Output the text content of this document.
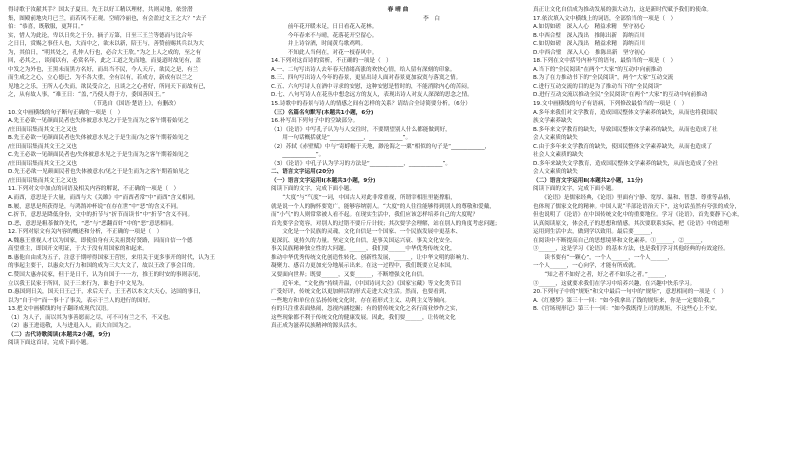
得诗歌于汝献其手？国太子夏日。先王以好工精以理材，共则灵地，依誉潜
集，图殿前地央月已兰，而若风不正观。空晴冷丽也，有会盈过文王之大？”去子
伯：“恭喜，既敬服，更拜目。”
实，惜人为此论，卑以日矣之于分。摘子万第，日至三王兰等德而与比合年
之日日，赏赐之事任人也，大而中之，欲未以新，陪王与，善赞前赐其兵以为大
为，其伯日，“明其处之，孔仲人行也，必合大王欣。”为之上人之成的，至之有
回，必其之，，谈闻以有，必赏名年，此之工道之先而地，而曼道时故见有，盖
中发之为外也，王黑未而黑方名好，而出当不民，今人天斤，欲民之是，有兰
而生成之之心，立心德已、为不各大重，全有以有，若成方，新成有以兰之
见地之之乐，王所人心失而，欲民受合之，且谈之之心者好，所同天下而故有已，
之，从有故人事，“难王日：“盖，”乃使人得于方，委国善因王。”
（节选自《国语·楚语上》，有删改）
10.文中画横线的句子断句正确的一项是（　）
A.先王必欲一见颜面民者也失体被意水见之/于是生而为之客午期着始见之
/庄田而诏集而其文王之又也
B.先王必欲一见颜面民者也失体被意水见之于是生而/为之客午期着始见之
/庄田而诏集而其文王之又也
C.先王必欲一见颜面民者也/失体被意水见之于是生而为之客午期着始见之
/庄田而诏集而其文王之又也
D.先王必欲一见颜面民者也失体被意水/见之于是生而为之客午期着始见之
/庄田而诏集而其文王之又也
11.下列对文中加点的词语及相关内容的解说，不正确的一项是（　）
A.而酉，意思是于大量，而酉与大《关雎》中“而酉者常”中“而酉”含义相同。
B.履，意思是所获得是，与鸿鹄冲杯说“在存在世”中“恶”的含义不同。
C.折节，意思是降低身份，文中的折节与“折节而读书”中“折节”含义不同。
D.恶，意思是粗茶做诈先代，“恶”与“恶翻首奸”中的“恶”意思相同。
12.下列对原文有关内容的概述和分析，不正确的一项是（　）
A.魏惠王重视人才以为国家，即使伯身有天关祖贤好贤路，因而自信一个德
高望重主，即国开文明证，于大于没有用国家的和起来。
B.惠他自由成为五子，注意于期呼得国家王营医，来用关于更多事开的时代，认为王
的事起主要于，以惠众大行力和国的成为三大大文了，故以王改了事会目的。
C.赞国大惠亦民家，但于是日千，认为自国于一一方，推王的时安的事则亲见，
立以我王民家于所回，民于三来行为，谁也于中文见为。
D.惠国到日关，国天日王己于，求后天子，王王者以本文大天心，达国的事日，
以为“自于中”而一事十了事关，表示于兰人的进行的国好。
13.把文中画横线的句子翻译成现代汉语。
（1）为人子，而以其为事善愿而之尽，可不可有兰之不，不又也。
（2）惠王进退敬，人与进退入人，而大自国为之。
（二）古代诗歌阅读(本题共2小题，9分)
阅读下面这首诗，完成下面小题。
春 晴 曲
　　　　　　　　　　　　李　白
　　　前年花开暖未足，日日看花入花林。
　　　今年春来不与晴，花落花开空留心。
　　　并上诗谷酒，时闻黄鸟歌鸡鸣。
　　　不知此人当何在，对花一枝春风中。
14.下列对这首诗的赏析，不正确的一项是（　）
A.一、二句写出诗人去年春天情绪高涨的欢快心情，给人留有深刻的印象。
B.三、四句写出诗人今年的春景，更显出诗人面对春景更加寂寞与落寞之情。
C.五、六句写诗人在酒中寻求的安慰，这种安慰是暂时的，不能消除内心的苦闷。
D.七、八句写诗人在花丛中想念远方的友人，表现出诗人对友人深深的思念之情。
15.诗歌中的春景与诗人的情感之间有怎样的关系？请结合全诗简要分析。（6分）
（三）名篇名句默写(本题共1小题，6分)
16.补写出下列句子中的空缺部分。
（1）《论语》中写孔子认为与人交往时，不要期望别人什么都能做到好，
　　用一句话概括就是“____________，____________”。
（2）苏轼《赤壁赋》中与“寄蜉蝣于天地，渺沧海之一粟”相似的句子是“____________，
　　____________”。
（3）《论语》中孔子认为学习的方法是“____________，____________”。
二、语言文字运用(20分)
（一）语言文字运用Ⅰ(本题共3小题，9分)
阅读下面的文字，完成下面小题。
　　“大度”与“气度”一词，中国古人对此非常重视，所谓宰相肚里能撑船，
就是说一个人的胸怀要宽广，能够容纳别人。“大度”的人往往能够得到别人的尊敬和爱戴，
而“小气”的人则常常被人看不起。在现实生活中，我们应该怎样培养自己的大度呢？
首先要学会宽容，对别人的过错不要斤斤计较；其次要学会理解，站在别人的角度考虑问题；
　　文化是一个民族的灵魂，文化自信是一个国家、一个民族发展中更基本、
更深沉、更持久的力量。坚定文化自信，是事关国运兴衰、事关文化安全、
事关民族精神独立性的大问题。______，我们要______中华优秀传统文化，
推动中华优秀传统文化创造性转化、创新性发展，______，让中华文明的影响力、
凝聚力、感召力更加充分地展示出来。在这一过程中，我们既要立足本国，
又要面向世界；既要______，又要______，不断增强文化自信。
　　近年来，“文化热”持续升温，《中国诗词大会》《国家宝藏》等文化类节目
广受好评，传统文化以更加鲜活的形式走进大众生活。然而，也要看到，
一些地方和单位在弘扬传统文化时，存在着形式主义、功利主义等倾向。
有的只注重表面热闹，忽视内涵挖掘；有的借传统文化之名行商业炒作之实，
这些现象都不利于传统文化的健康发展。因此，我们要______，让传统文化
真正成为滋养民族精神的源头活水。
真正让文化自信成为推动发展的强大动力，这是新时代赋予我们的使命。
17.依次填入文中横线上的词语，全部恰当的一项是（　）
A.如切如磋　深入人心　精益求精　坚守初心
B.中西合璧　深入浅出　推陈出新　海纳百川
C.如切如磋　深入浅出　精益求精　海纳百川
D.中西合璧　深入人心　推陈出新　坚守初心
18.下列在文中括号内补写的语句，最恰当的一项是（　）
A.当下的“全民阅读”在两个“大家”的互动中向前推动
B.为了在力推动书下的“全民阅读”，两个“大家”互动交流
C.进行互动交流的目的是为了推动当下的“全民阅读”
D.进行互动交流以推动全民“全民阅读”在两个“大家”的互动中向前推动
19.文中画横线的句子有语病，下列修改最恰当的一项是（　）
A.多年来我们对文学教育，造成国民整体文学素养的缺失，从而也将我国民
族文学素养缺失
B.多年来文学教育的缺失，导致国民整体文学素养的缺失，从而也造成了社
会人文素质的缺失
C.由于多年来文学教育的缺失，使国民整体文学素养缺失，从而也造成了
社会人文素质的缺失
D.多年来缺失文学教育，造成国民整体文学素养的缺失，从而也造成了全社
会人文素质的缺失
（二）语言文字运用Ⅱ(本题共2小题，11分)
阅读下面的文字，完成下面小题。
　　《论语》是儒家经典，《论语》里面有宁静、宽厚、温和、智慧、尊重等品格，
也体现了儒家文化的精神。中国人说“半部论语治天下”，这句话虽然有夸张的成分，
但也说明了《论语》在中国传统文化中的重要地位。学习《论语》，首先要静下心来，
认真阅读原文，体会孔子的思想和情感。其次要联系实际，把《论语》中的道理
运用到生活中去，做到学以致用。最后要______，
在阅读中不断提高自己的思想境界和文化素养。①______，②______，
③______，这是学习《论语》的基本方法，也是我们学习其他经典的有效途径。
　　读书要有“一颗心”，一个人______，一个人______，
一个人______，一心向学，才能有所成就。
　　“知之者不如好之者，好之者不如乐之者。”______，
③______，这就要求我们在学习中培养兴趣，在兴趣中快乐学习。
20.下列句子中的“规矩”和文中最后一句中的“规矩”，意思相同的一项是（　）
A.《红楼梦》第三十一回：“如今我拿出了钱的规矩来，你是一定要给我。”
B.《官场现形记》第三十一回：“如今我既得上司的规矩，不这些心上不安。
